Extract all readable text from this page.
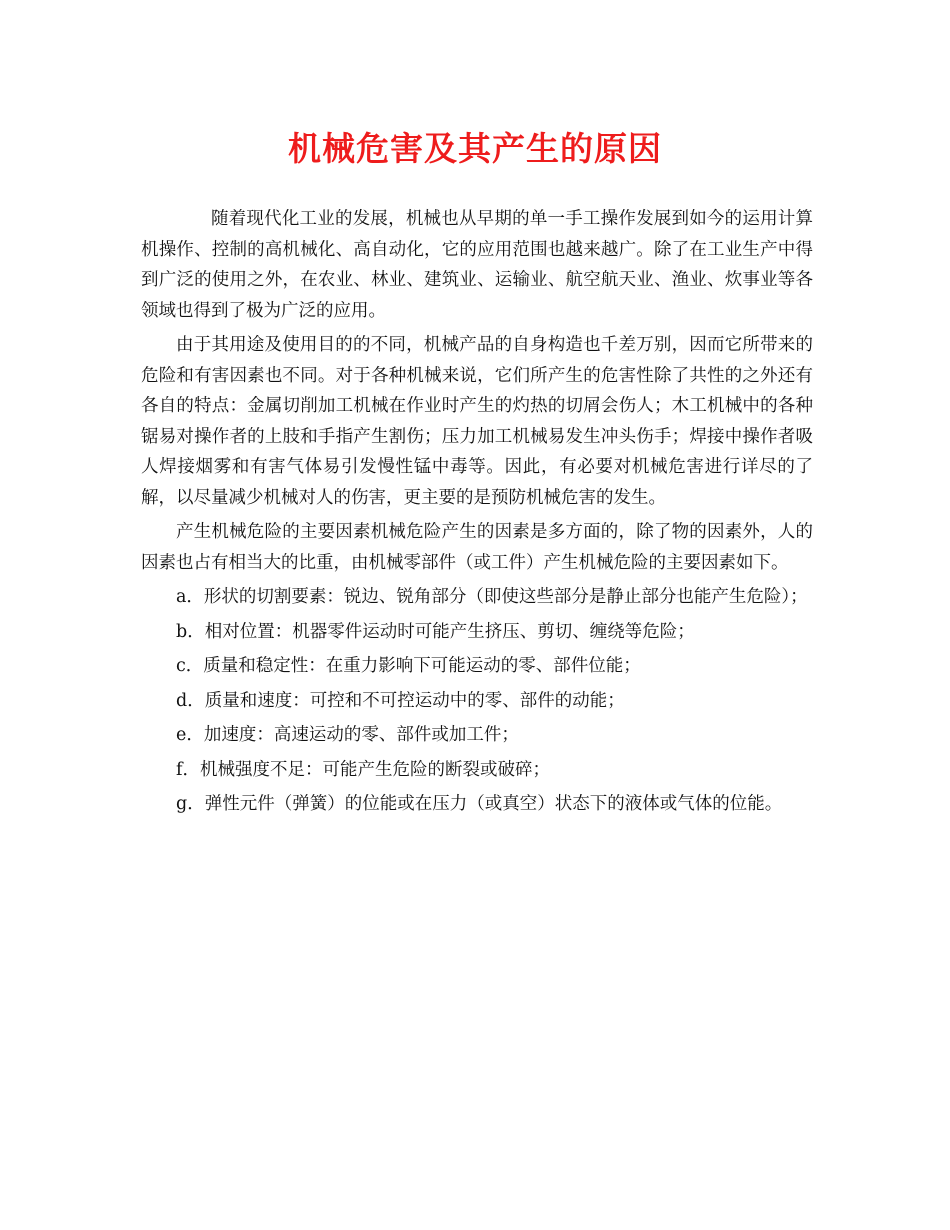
机械危害及其产生的原因

随着现代化工业的发展，机械也从早期的单一手工操作发展到如今的运用计算机操作、控制的高机械化、高自动化，它的应用范围也越来越广。除了在工业生产中得到广泛的使用之外，在农业、林业、建筑业、运输业、航空航天业、渔业、炊事业等各领域也得到了极为广泛的应用。

由于其用途及使用目的的不同，机械产品的自身构造也千差万别，因而它所带来的危险和有害因素也不同。对于各种机械来说，它们所产生的危害性除了共性的之外还有各自的特点：金属切削加工机械在作业时产生的灼热的切屑会伤人；木工机械中的各种锯易对操作者的上肢和手指产生割伤；压力加工机械易发生冲头伤手；焊接中操作者吸人焊接烟雾和有害气体易引发慢性锰中毒等。因此，有必要对机械危害进行详尽的了解，以尽量减少机械对人的伤害，更主要的是预防机械危害的发生。

产生机械危险的主要因素机械危险产生的因素是多方面的，除了物的因素外，人的因素也占有相当大的比重，由机械零部件（或工件）产生机械危险的主要因素如下。

a．形状的切割要素：锐边、锐角部分（即使这些部分是静止部分也能产生危险）；
b．相对位置：机器零件运动时可能产生挤压、剪切、缠绕等危险；
c．质量和稳定性：在重力影响下可能运动的零、部件位能；
d．质量和速度：可控和不可控运动中的零、部件的动能；
e．加速度：高速运动的零、部件或加工件；
f．机械强度不足：可能产生危险的断裂或破碎；
g．弹性元件（弹簧）的位能或在压力（或真空）状态下的液体或气体的位能。
